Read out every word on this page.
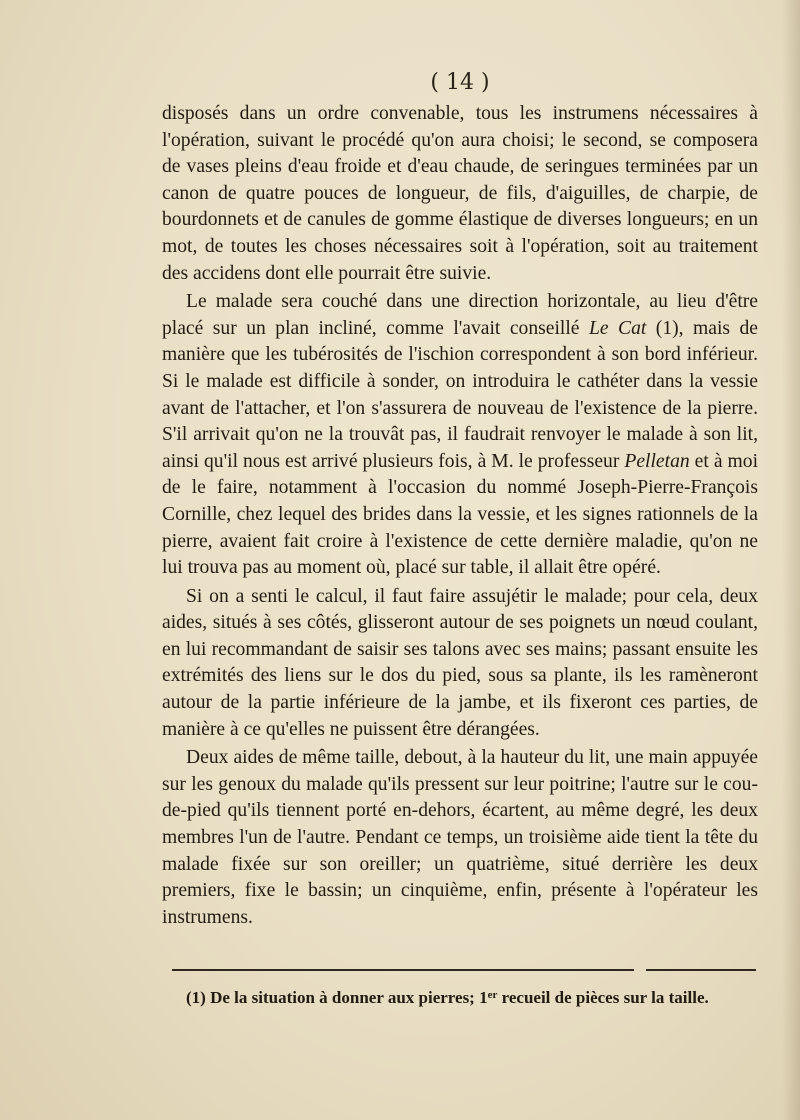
( 14 )

disposés dans un ordre convenable, tous les instrumens nécessaires à l'opération, suivant le procédé qu'on aura choisi; le second, se composera de vases pleins d'eau froide et d'eau chaude, de seringues terminées par un canon de quatre pouces de longueur, de fils, d'aiguilles, de charpie, de bourdonnets et de canules de gomme élastique de diverses longueurs; en un mot, de toutes les choses nécessaires soit à l'opération, soit au traitement des accidens dont elle pourrait être suivie.

Le malade sera couché dans une direction horizontale, au lieu d'être placé sur un plan incliné, comme l'avait conseillé Le Cat (1), mais de manière que les tubérosités de l'ischion correspondent à son bord inférieur. Si le malade est difficile à sonder, on introduira le cathéter dans la vessie avant de l'attacher, et l'on s'assurera de nouveau de l'existence de la pierre. S'il arrivait qu'on ne la trouvât pas, il faudrait renvoyer le malade à son lit, ainsi qu'il nous est arrivé plusieurs fois, à M. le professeur Pelletan et à moi de le faire, notamment à l'occasion du nommé Joseph-Pierre-François Cornille, chez lequel des brides dans la vessie, et les signes rationnels de la pierre, avaient fait croire à l'existence de cette dernière maladie, qu'on ne lui trouva pas au moment où, placé sur table, il allait être opéré.

Si on a senti le calcul, il faut faire assujétir le malade; pour cela, deux aides, situés à ses côtés, glisseront autour de ses poignets un nœud coulant, en lui recommandant de saisir ses talons avec ses mains; passant ensuite les extrémités des liens sur le dos du pied, sous sa plante, ils les ramèneront autour de la partie inférieure de la jambe, et ils fixeront ces parties, de manière à ce qu'elles ne puissent être dérangées.

Deux aides de même taille, debout, à la hauteur du lit, une main appuyée sur les genoux du malade qu'ils pressent sur leur poitrine; l'autre sur le cou-de-pied qu'ils tiennent porté en-dehors, écartent, au même degré, les deux membres l'un de l'autre. Pendant ce temps, un troisième aide tient la tête du malade fixée sur son oreiller; un quatrième, situé derrière les deux premiers, fixe le bassin; un cinquième, enfin, présente à l'opérateur les instrumens.

(1) De la situation à donner aux pierres; 1er recueil de pièces sur la taille.
